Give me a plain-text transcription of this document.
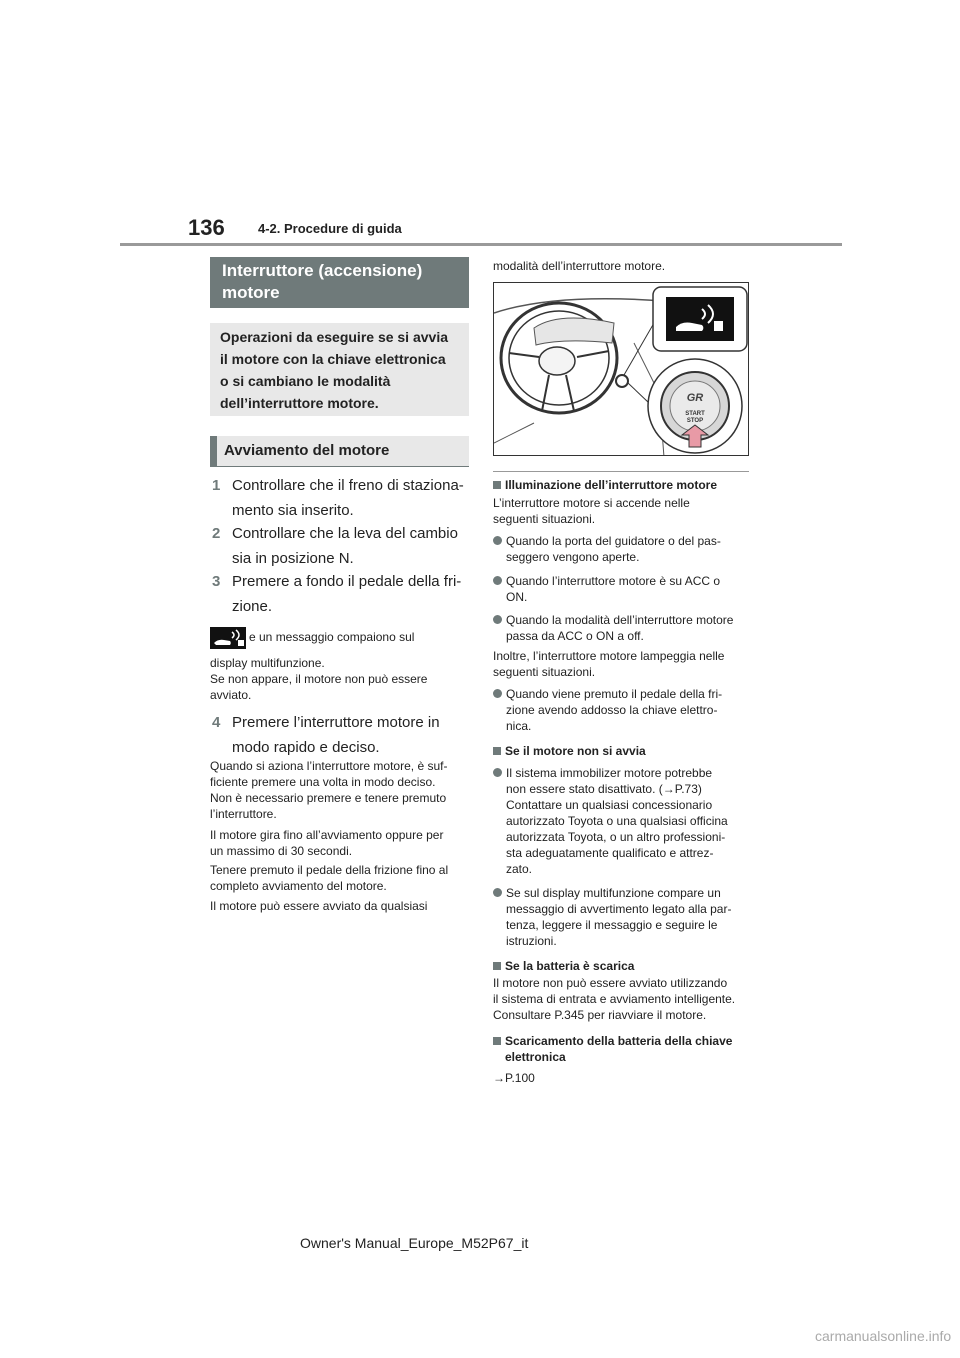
136	4-2. Procedure di guida
Interruttore (accensione)
motore
Operazioni da eseguire se si avvia
il motore con la chiave elettronica
o si cambiano le modalità
dell’interruttore motore.
Avviamento del motore
1 Controllare che il freno di staziona-
mento sia inserito.
2 Controllare che la leva del cambio
sia in posizione N.
3 Premere a fondo il pedale della fri-
zione.
e un messaggio compaiono sul
display multifunzione.
Se non appare, il motore non può essere
avviato.
4 Premere l’interruttore motore in
modo rapido e deciso.
Quando si aziona l’interruttore motore, è suf-
ficiente premere una volta in modo deciso.
Non è necessario premere e tenere premuto
l’interruttore.
Il motore gira fino all’avviamento oppure per
un massimo di 30 secondi.
Tenere premuto il pedale della frizione fino al
completo avviamento del motore.
Il motore può essere avviato da qualsiasi
modalità dell’interruttore motore.
GR
START
STOP
Illuminazione dell’interruttore motore
L’interruttore motore si accende nelle
seguenti situazioni.
Quando la porta del guidatore o del pas-
seggero vengono aperte.
Quando l’interruttore motore è su ACC o
ON.
Quando la modalità dell’interruttore motore
passa da ACC o ON a off.
Inoltre, l’interruttore motore lampeggia nelle
seguenti situazioni.
Quando viene premuto il pedale della fri-
zione avendo addosso la chiave elettro-
nica.
Se il motore non si avvia
Il sistema immobilizer motore potrebbe
non essere stato disattivato. (→P.73)
Contattare un qualsiasi concessionario
autorizzato Toyota o una qualsiasi officina
autorizzata Toyota, o un altro professioni-
sta adeguatamente qualificato e attrez-
zato.
Se sul display multifunzione compare un
messaggio di avvertimento legato alla par-
tenza, leggere il messaggio e seguire le
istruzioni.
Se la batteria è scarica
Il motore non può essere avviato utilizzando
il sistema di entrata e avviamento intelligente.
Consultare P.345 per riavviare il motore.
Scaricamento della batteria della chiave
elettronica
→P.100
Owner's Manual_Europe_M52P67_it
carmanualsonline.info
